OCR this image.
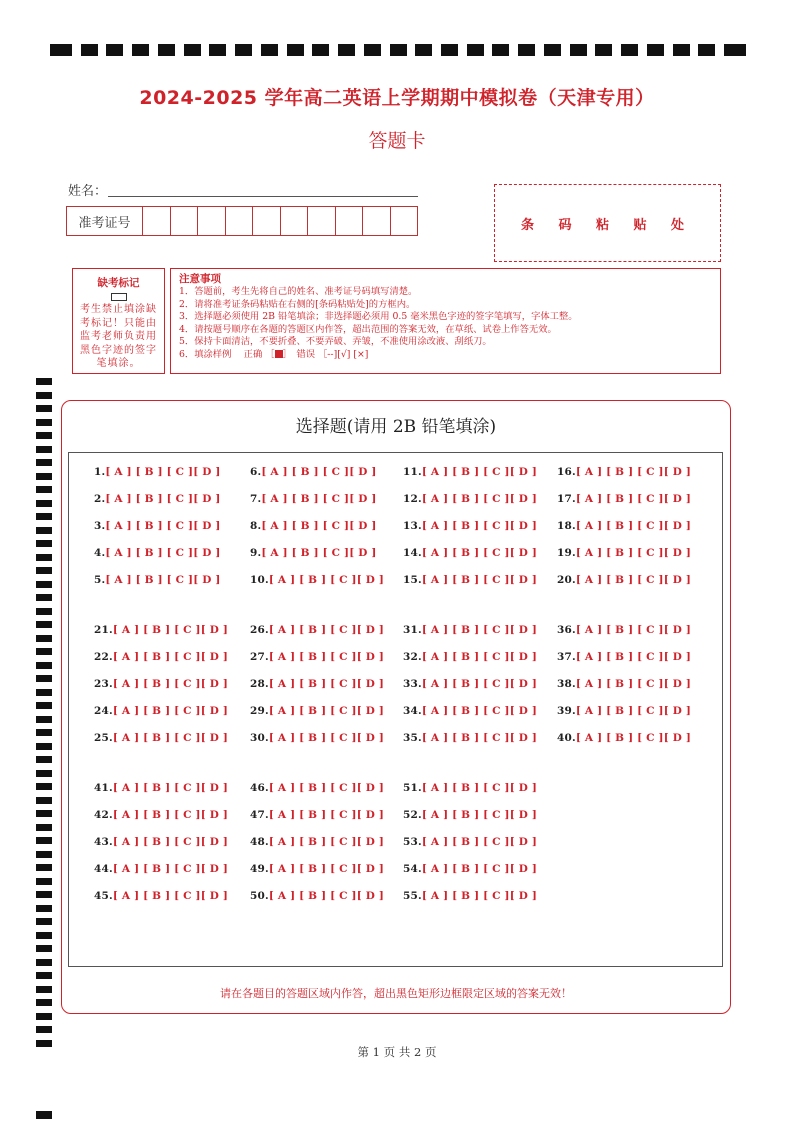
2024-2025 学年高二英语上学期期中模拟卷（天津专用）
答题卡
姓名：
准考证号	条 码 粘 贴 处
缺考标记
考生禁止填涂缺考标记！只能由监考老师负责用黑色字迹的签字笔填涂。
注意事项
1．答题前，考生先将自己的姓名、准考证号码填写清楚。
2．请将准考证条码粘贴在右侧的[条码粘贴处]的方框内。
3．选择题必须使用 2B 铅笔填涂；非选择题必须用 0.5 毫米黑色字迹的签字笔填写，字体工整。
4．请按题号顺序在各题的答题区内作答，超出范围的答案无效，在草纸、试卷上作答无效。
5．保持卡面清洁，不要折叠、不要弄破、弄皱，不准使用涂改液、刮纸刀。
6．填涂样例　 正确 ［ ］　错误 ［--][√] [×]
选择题(请用 2B 铅笔填涂)
1.[ A ] [ B ] [ C ][ D ]
2.[ A ] [ B ] [ C ][ D ]
3.[ A ] [ B ] [ C ][ D ]
4.[ A ] [ B ] [ C ][ D ]
5.[ A ] [ B ] [ C ][ D ]
6.[ A ] [ B ] [ C ][ D ]
7.[ A ] [ B ] [ C ][ D ]
8.[ A ] [ B ] [ C ][ D ]
9.[ A ] [ B ] [ C ][ D ]
10.[ A ] [ B ] [ C ][ D ]
11.[ A ] [ B ] [ C ][ D ]
12.[ A ] [ B ] [ C ][ D ]
13.[ A ] [ B ] [ C ][ D ]
14.[ A ] [ B ] [ C ][ D ]
15.[ A ] [ B ] [ C ][ D ]
16.[ A ] [ B ] [ C ][ D ]
17.[ A ] [ B ] [ C ][ D ]
18.[ A ] [ B ] [ C ][ D ]
19.[ A ] [ B ] [ C ][ D ]
20.[ A ] [ B ] [ C ][ D ]
21.[ A ] [ B ] [ C ][ D ]
22.[ A ] [ B ] [ C ][ D ]
23.[ A ] [ B ] [ C ][ D ]
24.[ A ] [ B ] [ C ][ D ]
25.[ A ] [ B ] [ C ][ D ]
26.[ A ] [ B ] [ C ][ D ]
27.[ A ] [ B ] [ C ][ D ]
28.[ A ] [ B ] [ C ][ D ]
29.[ A ] [ B ] [ C ][ D ]
30.[ A ] [ B ] [ C ][ D ]
31.[ A ] [ B ] [ C ][ D ]
32.[ A ] [ B ] [ C ][ D ]
33.[ A ] [ B ] [ C ][ D ]
34.[ A ] [ B ] [ C ][ D ]
35.[ A ] [ B ] [ C ][ D ]
36.[ A ] [ B ] [ C ][ D ]
37.[ A ] [ B ] [ C ][ D ]
38.[ A ] [ B ] [ C ][ D ]
39.[ A ] [ B ] [ C ][ D ]
40.[ A ] [ B ] [ C ][ D ]
41.[ A ] [ B ] [ C ][ D ]
42.[ A ] [ B ] [ C ][ D ]
43.[ A ] [ B ] [ C ][ D ]
44.[ A ] [ B ] [ C ][ D ]
45.[ A ] [ B ] [ C ][ D ]
46.[ A ] [ B ] [ C ][ D ]
47.[ A ] [ B ] [ C ][ D ]
48.[ A ] [ B ] [ C ][ D ]
49.[ A ] [ B ] [ C ][ D ]
50.[ A ] [ B ] [ C ][ D ]
51.[ A ] [ B ] [ C ][ D ]
52.[ A ] [ B ] [ C ][ D ]
53.[ A ] [ B ] [ C ][ D ]
54.[ A ] [ B ] [ C ][ D ]
55.[ A ] [ B ] [ C ][ D ]
请在各题目的答题区域内作答，超出黑色矩形边框限定区域的答案无效！
第 1 页 共 2 页
